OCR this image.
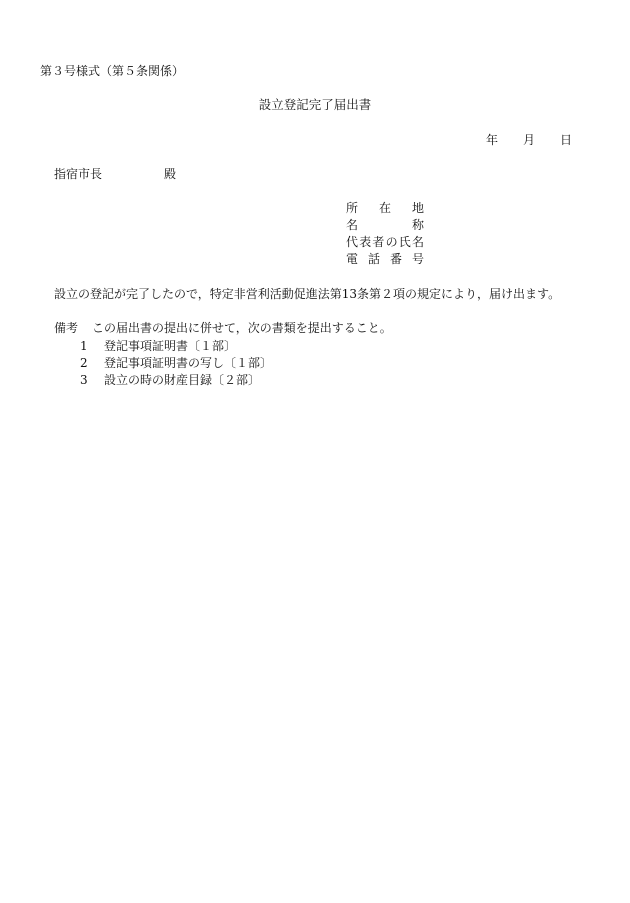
第３号様式（第５条関係）
設立登記完了届出書
年 月 日
指宿市長	殿
所在地
名称
代表者の氏名
電話番号
設立の登記が完了したので，特定非営利活動促進法第13条第２項の規定により，届け出ます。
備考 この届出書の提出に併せて，次の書類を提出すること。
1 登記事項証明書〔１部〕
2 登記事項証明書の写し〔１部〕
3 設立の時の財産目録〔２部〕
